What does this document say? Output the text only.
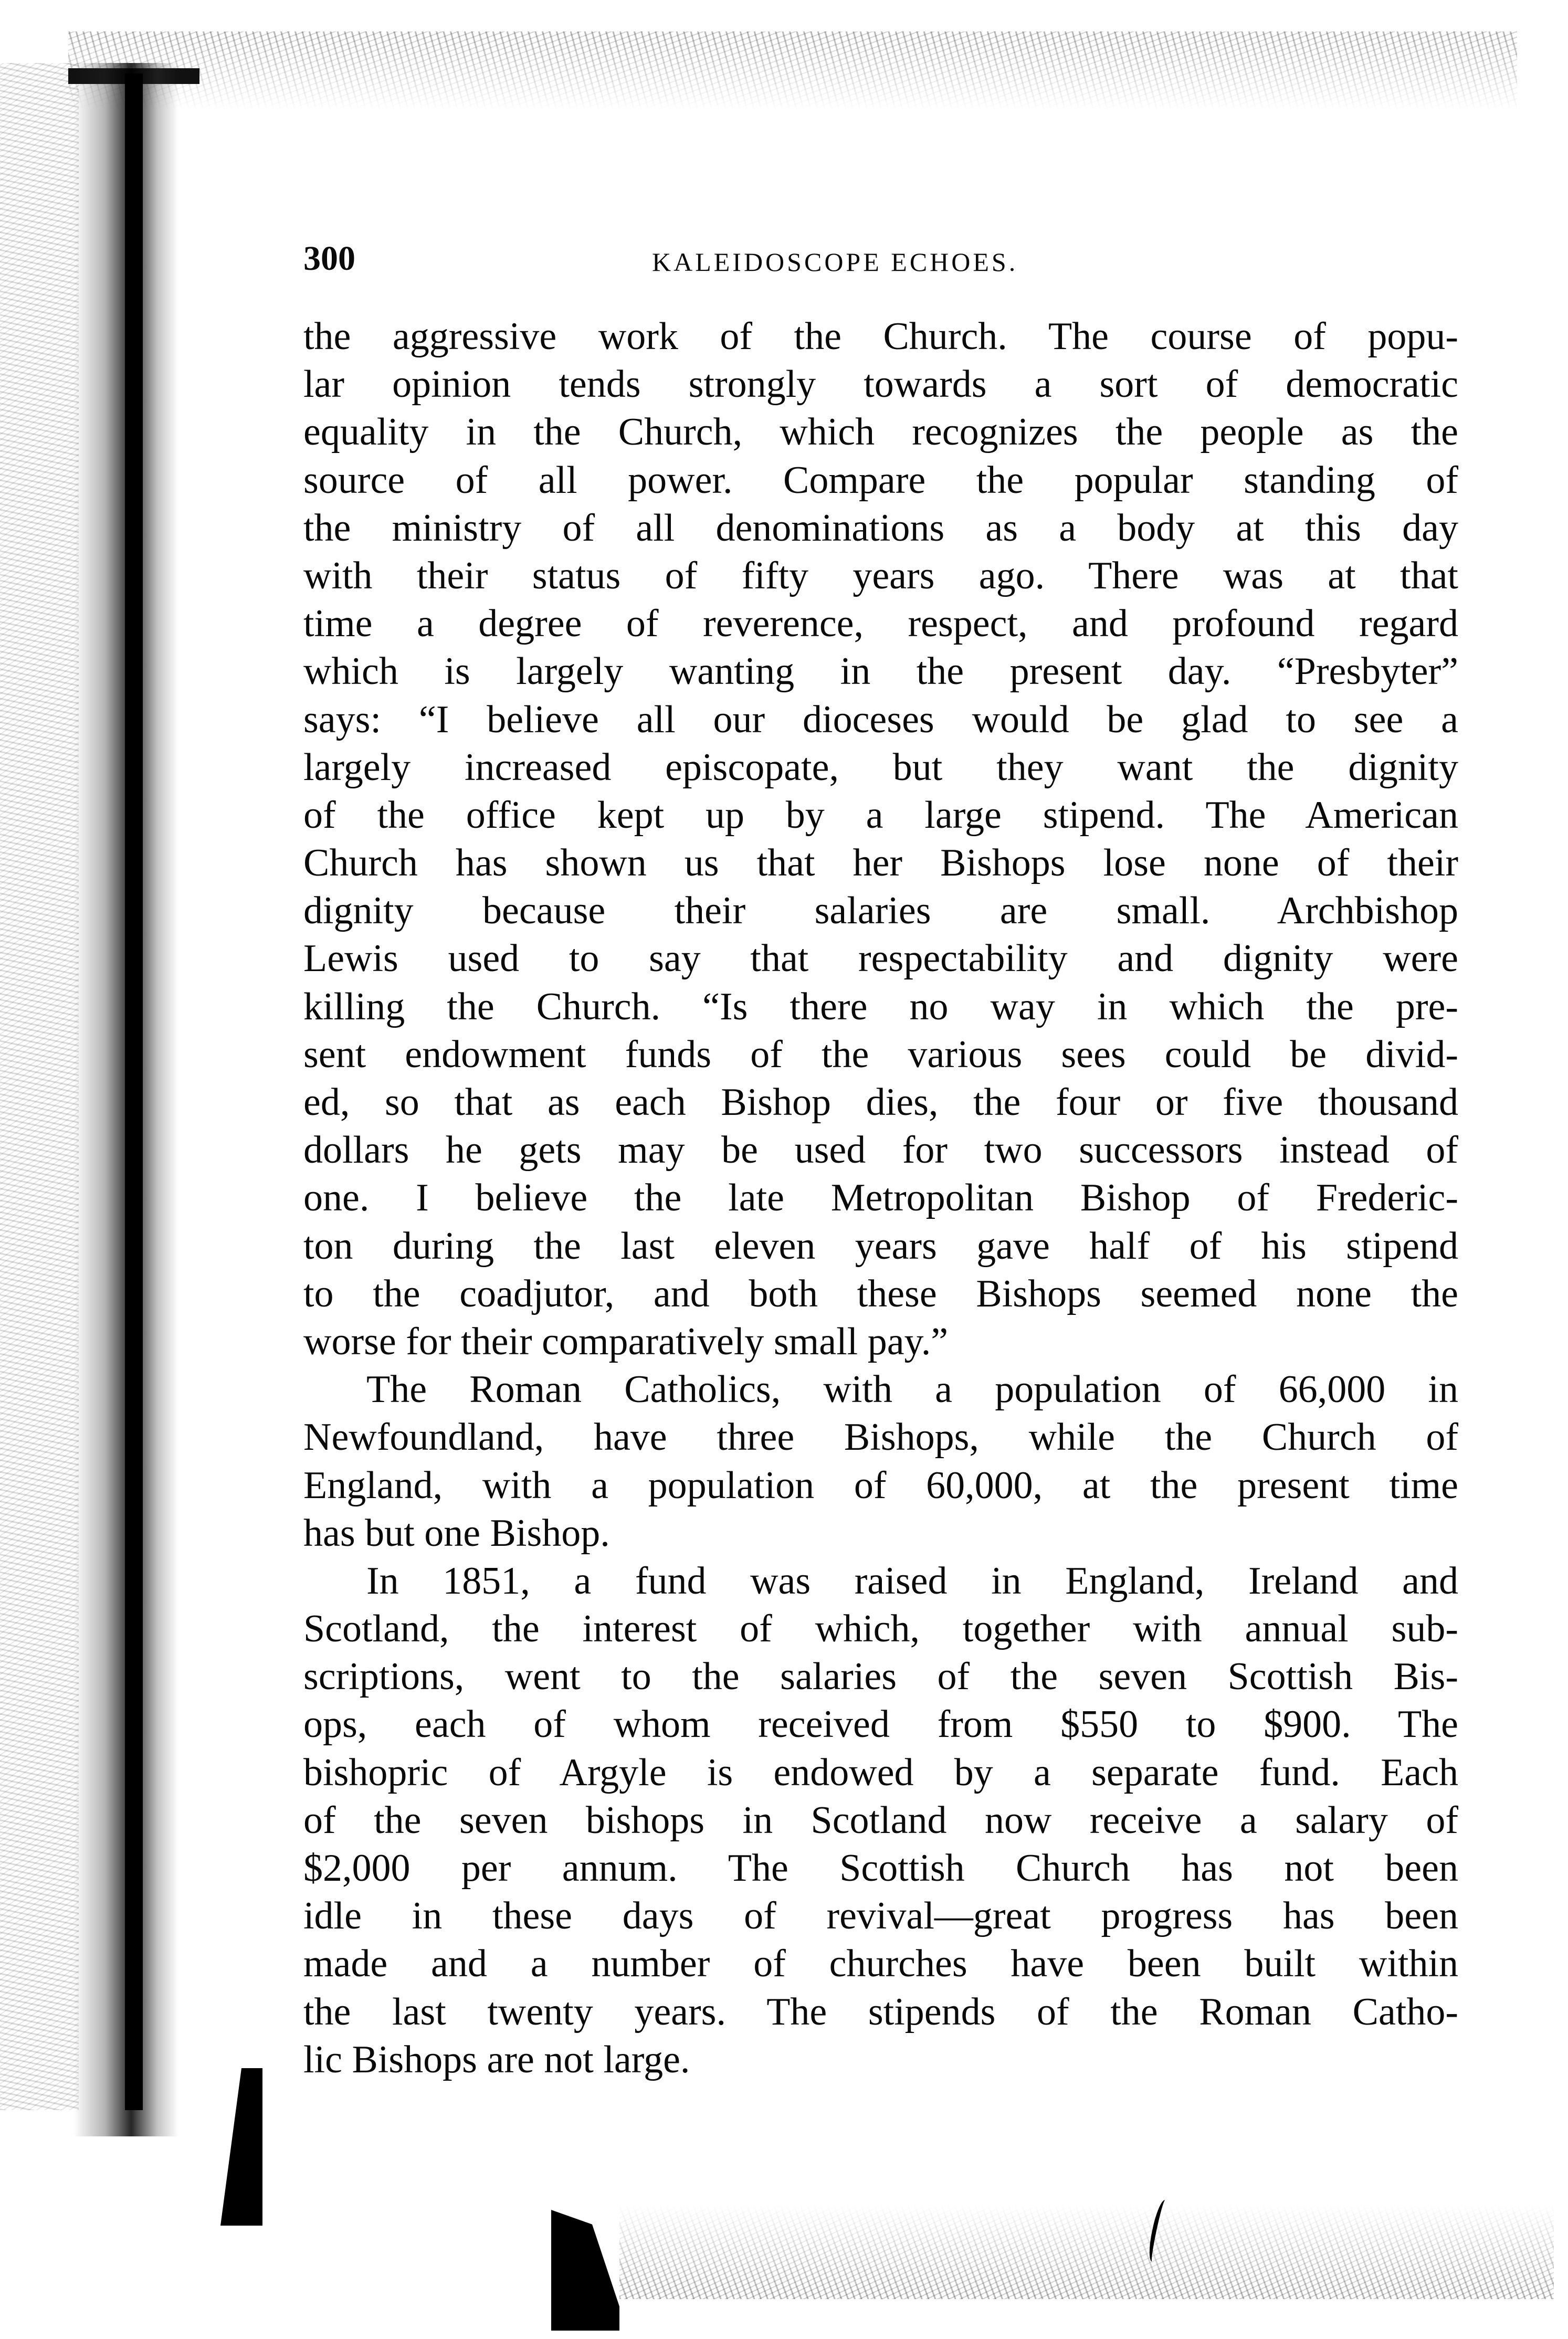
300	KALEIDOSCOPE ECHOES.
the aggressive work of the Church. The course of popu-
lar opinion tends strongly towards a sort of democratic
equality in the Church, which recognizes the people as the
source of all power. Compare the popular standing of
the ministry of all denominations as a body at this day
with their status of fifty years ago. There was at that
time a degree of reverence, respect, and profound regard
which is largely wanting in the present day. “Presbyter”
says: “I believe all our dioceses would be glad to see a
largely increased episcopate, but they want the dignity
of the office kept up by a large stipend. The American
Church has shown us that her Bishops lose none of their
dignity because their salaries are small. Archbishop
Lewis used to say that respectability and dignity were
killing the Church. “Is there no way in which the pre-
sent endowment funds of the various sees could be divid-
ed, so that as each Bishop dies, the four or five thousand
dollars he gets may be used for two successors instead of
one. I believe the late Metropolitan Bishop of Frederic-
ton during the last eleven years gave half of his stipend
to the coadjutor, and both these Bishops seemed none the
worse for their comparatively small pay.”
The Roman Catholics, with a population of 66,000 in
Newfoundland, have three Bishops, while the Church of
England, with a population of 60,000, at the present time
has but one Bishop.
In 1851, a fund was raised in England, Ireland and
Scotland, the interest of which, together with annual sub-
scriptions, went to the salaries of the seven Scottish Bis-
ops, each of whom received from $550 to $900. The
bishopric of Argyle is endowed by a separate fund. Each
of the seven bishops in Scotland now receive a salary of
$2,000 per annum. The Scottish Church has not been
idle in these days of revival—great progress has been
made and a number of churches have been built within
the last twenty years. The stipends of the Roman Catho-
lic Bishops are not large.
